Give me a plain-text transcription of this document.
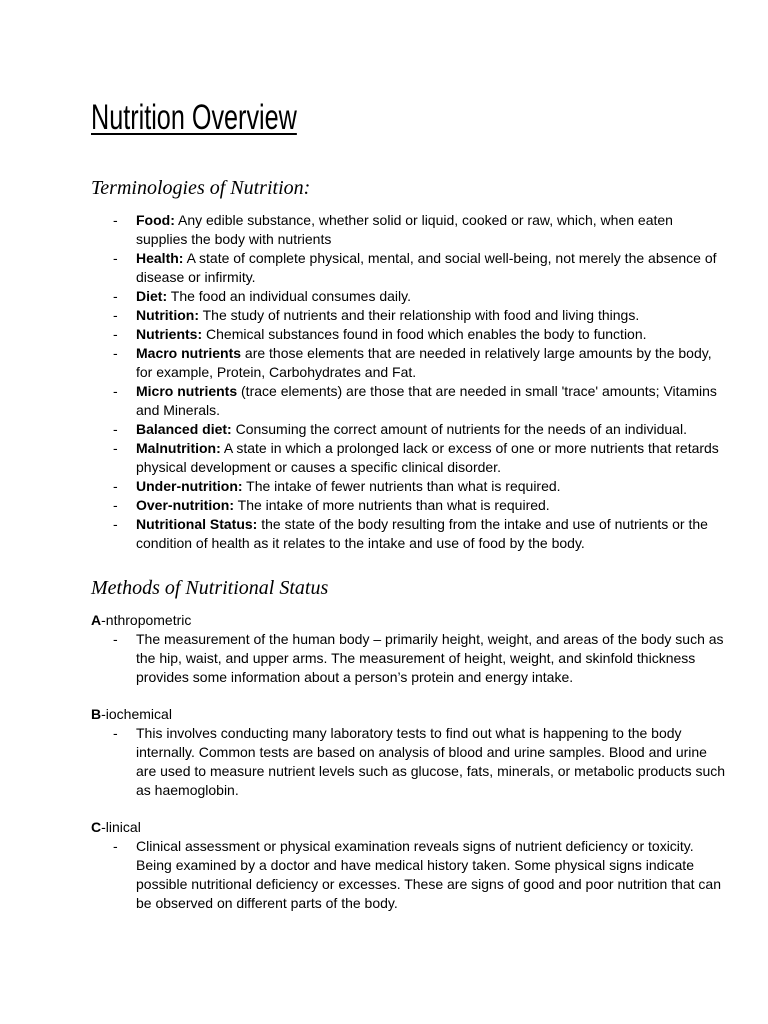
Nutrition Overview
Terminologies of Nutrition:
- Food: Any edible substance, whether solid or liquid, cooked or raw, which, when eaten supplies the body with nutrients
- Health: A state of complete physical, mental, and social well-being, not merely the absence of disease or infirmity.
- Diet: The food an individual consumes daily.
- Nutrition: The study of nutrients and their relationship with food and living things.
- Nutrients: Chemical substances found in food which enables the body to function.
- Macro nutrients are those elements that are needed in relatively large amounts by the body, for example, Protein, Carbohydrates and Fat.
- Micro nutrients (trace elements) are those that are needed in small 'trace' amounts; Vitamins and Minerals.
- Balanced diet: Consuming the correct amount of nutrients for the needs of an individual.
- Malnutrition: A state in which a prolonged lack or excess of one or more nutrients that retards physical development or causes a specific clinical disorder.
- Under-nutrition: The intake of fewer nutrients than what is required.
- Over-nutrition: The intake of more nutrients than what is required.
- Nutritional Status: the state of the body resulting from the intake and use of nutrients or the condition of health as it relates to the intake and use of food by the body.
Methods of Nutritional Status
A-nthropometric
- The measurement of the human body – primarily height, weight, and areas of the body such as the hip, waist, and upper arms. The measurement of height, weight, and skinfold thickness provides some information about a person’s protein and energy intake.
B-iochemical
- This involves conducting many laboratory tests to find out what is happening to the body internally. Common tests are based on analysis of blood and urine samples. Blood and urine are used to measure nutrient levels such as glucose, fats, minerals, or metabolic products such as haemoglobin.
C-linical
- Clinical assessment or physical examination reveals signs of nutrient deficiency or toxicity. Being examined by a doctor and have medical history taken. Some physical signs indicate possible nutritional deficiency or excesses. These are signs of good and poor nutrition that can be observed on different parts of the body.
